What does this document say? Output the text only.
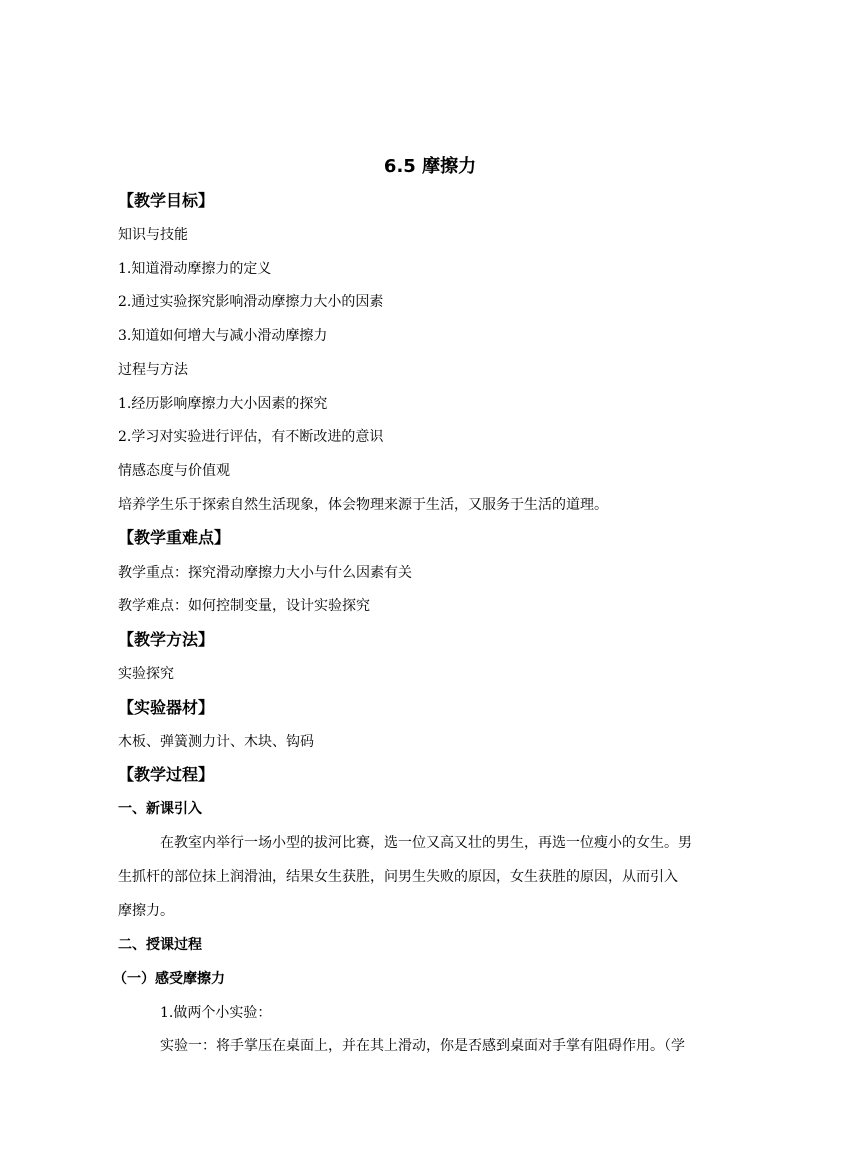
6.5 摩擦力
【教学目标】
知识与技能
1.知道滑动摩擦力的定义
2.通过实验探究影响滑动摩擦力大小的因素
3.知道如何增大与减小滑动摩擦力
过程与方法
1.经历影响摩擦力大小因素的探究
2.学习对实验进行评估，有不断改进的意识
情感态度与价值观
培养学生乐于探索自然生活现象，体会物理来源于生活，又服务于生活的道理。
【教学重难点】
教学重点：探究滑动摩擦力大小与什么因素有关
教学难点：如何控制变量，设计实验探究
【教学方法】
实验探究
【实验器材】
木板、弹簧测力计、木块、钩码
【教学过程】
一、新课引入
在教室内举行一场小型的拔河比赛，选一位又高又壮的男生，再选一位瘦小的女生。男
生抓杆的部位抹上润滑油，结果女生获胜，问男生失败的原因，女生获胜的原因，从而引入
摩擦力。
二、授课过程
（一）感受摩擦力
1.做两个小实验：
实验一：将手掌压在桌面上，并在其上滑动，你是否感到桌面对手掌有阻碍作用。（学
